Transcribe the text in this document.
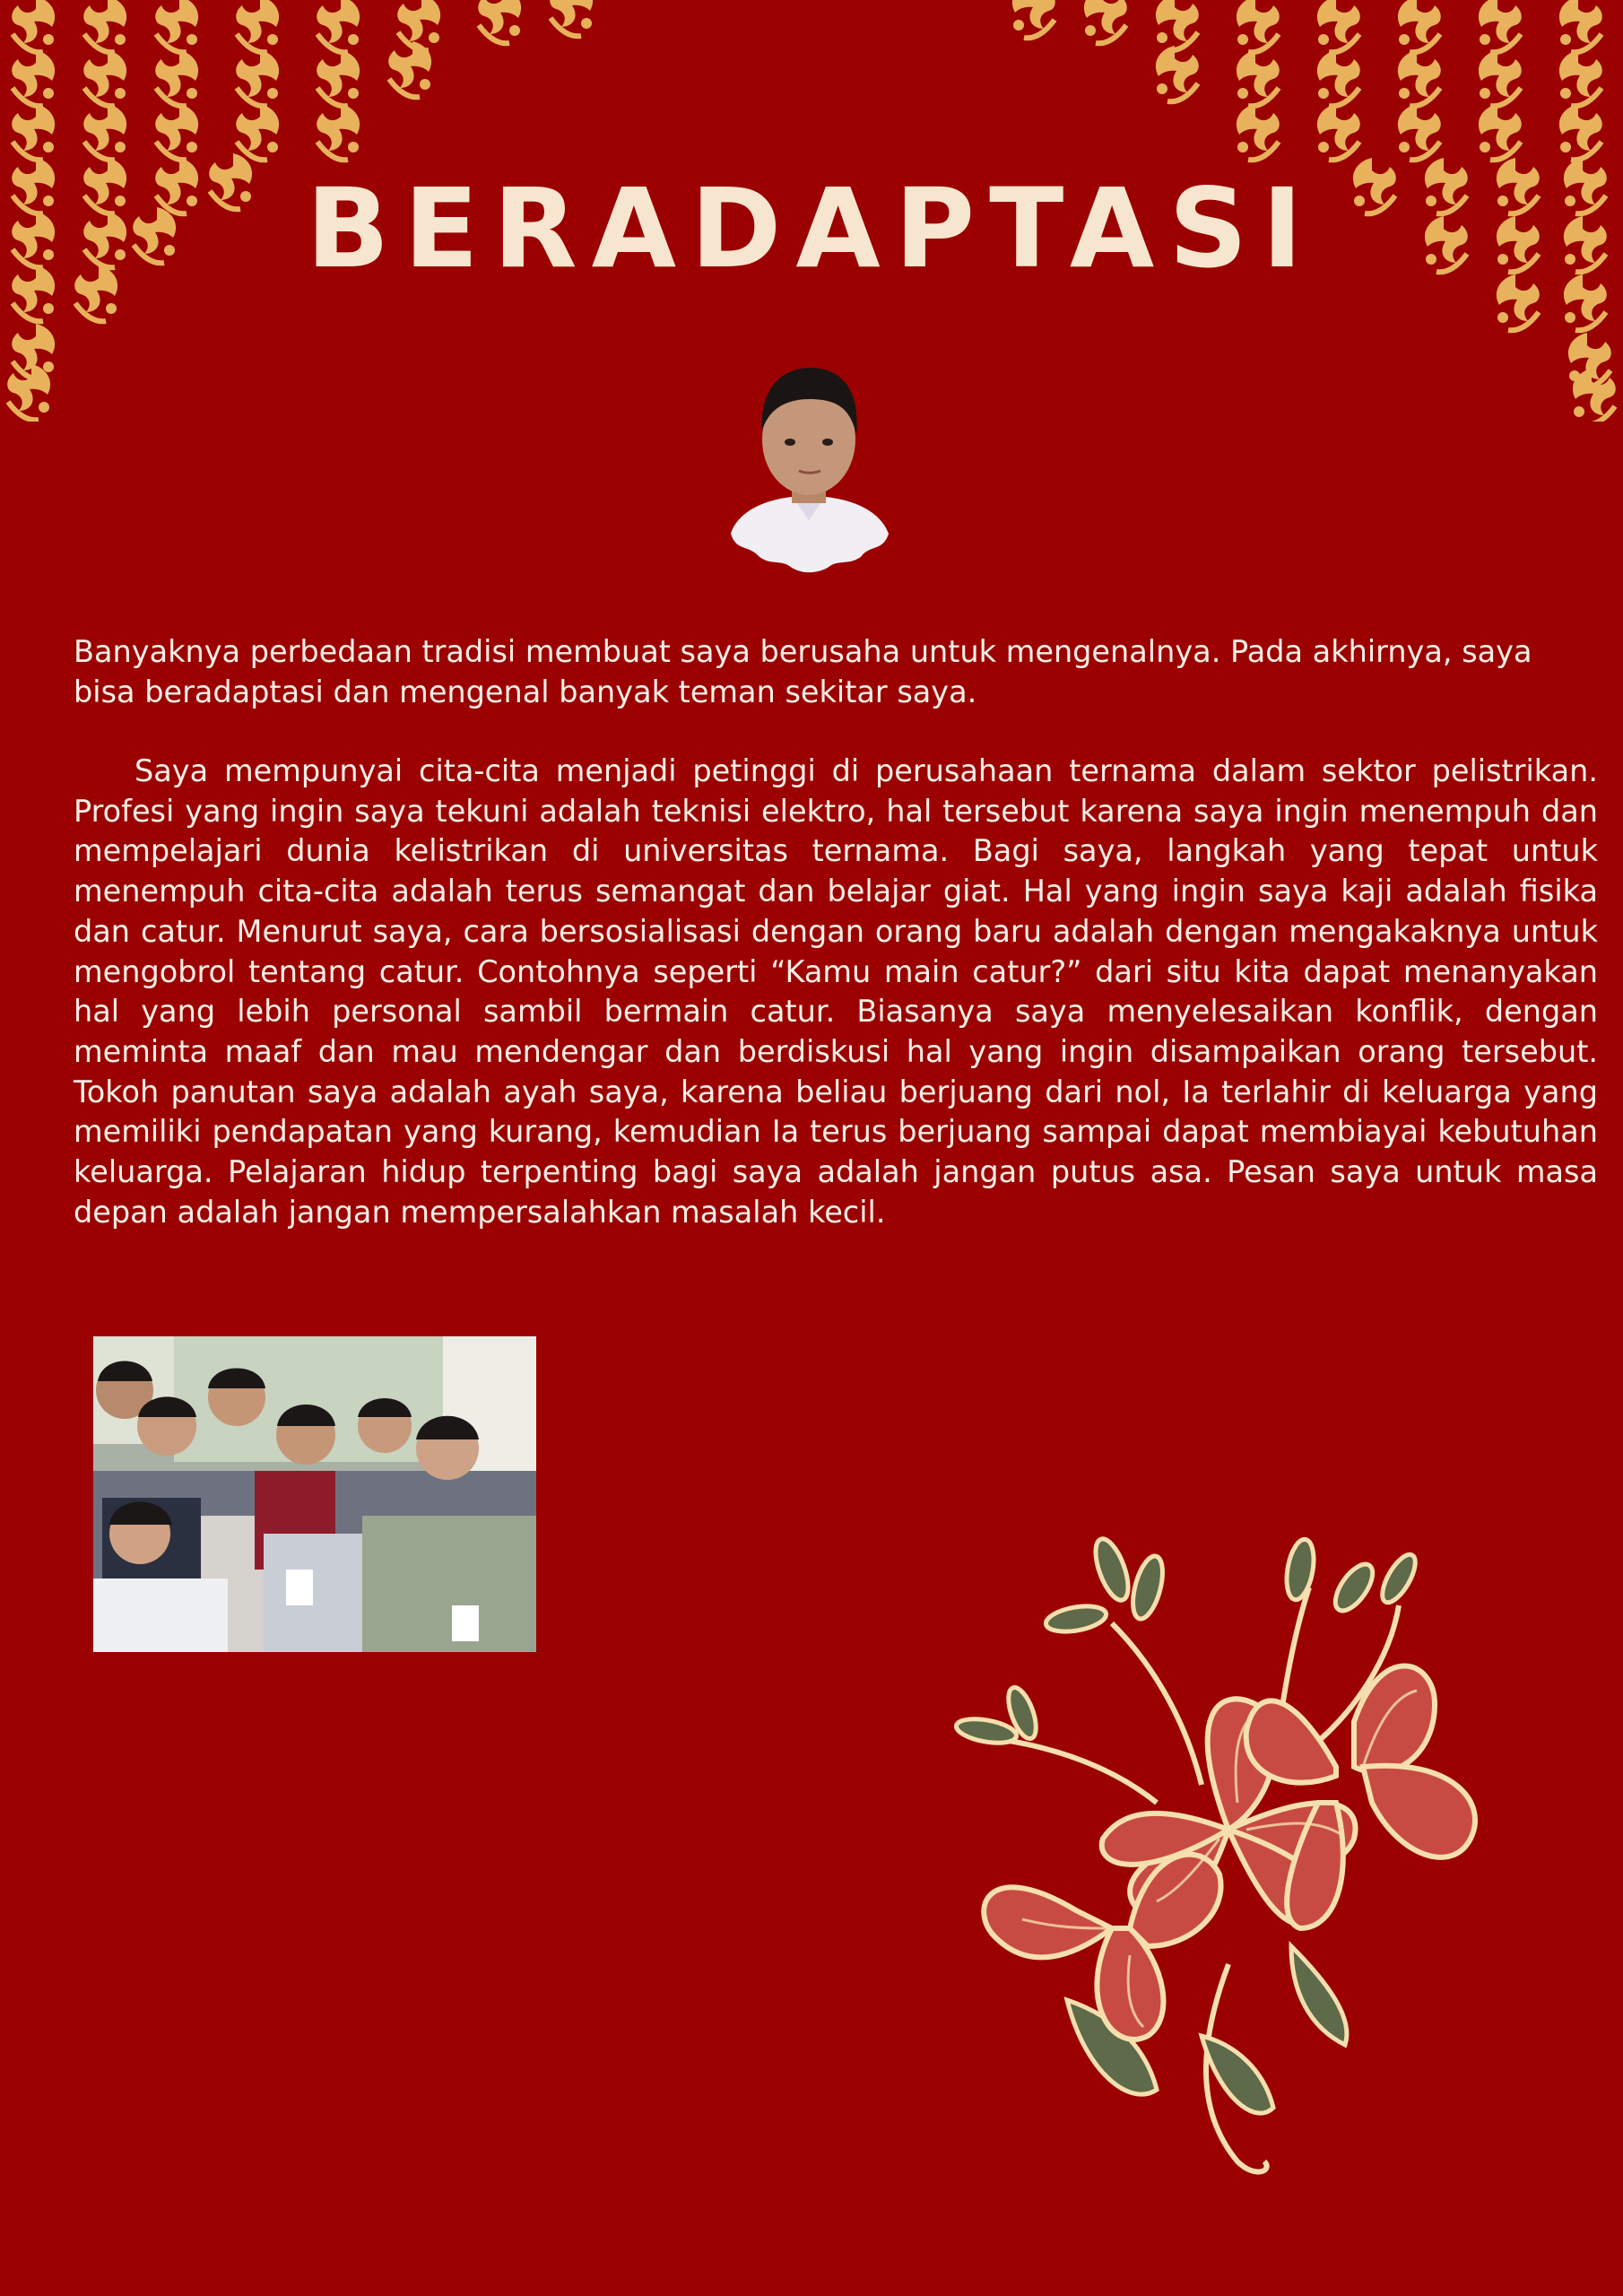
BERADAPTASI
Banyaknya perbedaan tradisi membuat saya berusaha untuk mengenalnya. Pada akhirnya, saya bisa beradaptasi dan mengenal banyak teman sekitar saya.
Saya mempunyai cita-cita menjadi petinggi di perusahaan ternama dalam sektor pelistrikan. Profesi yang ingin saya tekuni adalah teknisi elektro, hal tersebut karena saya ingin menempuh dan mempelajari dunia kelistrikan di universitas ternama. Bagi saya, langkah yang tepat untuk menempuh cita-cita adalah terus semangat dan belajar giat. Hal yang ingin saya kaji adalah fisika dan catur. Menurut saya, cara bersosialisasi dengan orang baru adalah dengan mengakaknya untuk mengobrol tentang catur. Contohnya seperti “Kamu main catur?” dari situ kita dapat menanyakan hal yang lebih personal sambil bermain catur. Biasanya saya menyelesaikan konflik, dengan meminta maaf dan mau mendengar dan berdiskusi hal yang ingin disampaikan orang tersebut. Tokoh panutan saya adalah ayah saya, karena beliau berjuang dari nol, Ia terlahir di keluarga yang memiliki pendapatan yang kurang, kemudian Ia terus berjuang sampai dapat membiayai kebutuhan keluarga. Pelajaran hidup terpenting bagi saya adalah jangan putus asa. Pesan saya untuk masa depan adalah jangan mempersalahkan masalah kecil.
